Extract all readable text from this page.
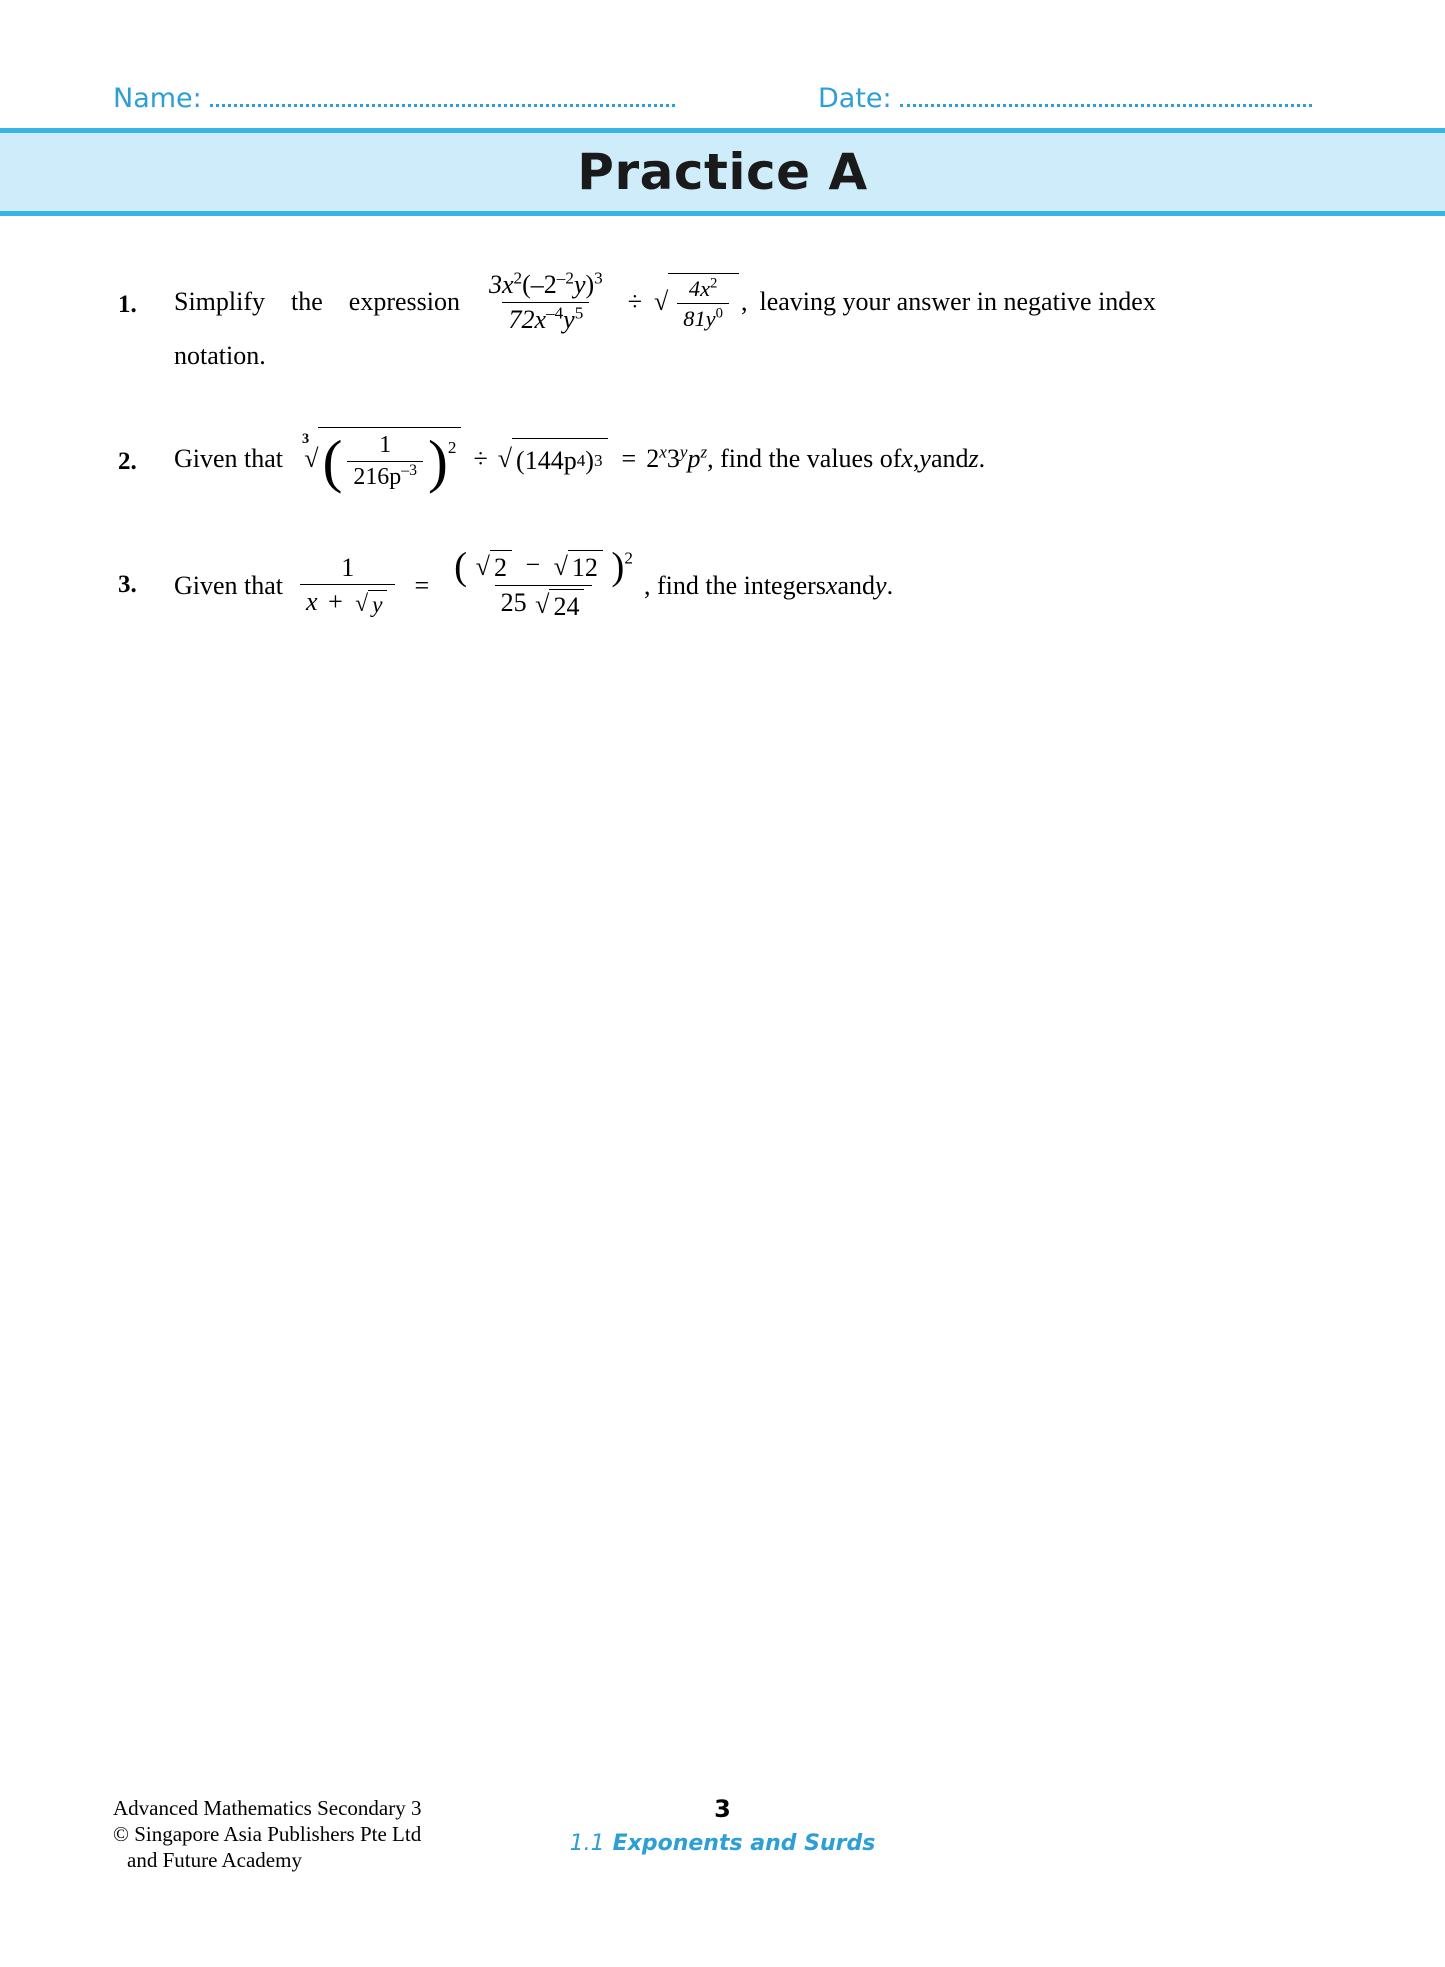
Name:	Date:
Practice A
1.	Simplify the expression $\frac{3x^2(-2^{-2}y)^3}{72x^{-4}y^5}$ ÷ √ $\frac{4x^2}{81y^0}$ , leaving your answer in negative index
notation.
2.	Given that
3
√ ( $\frac{1}{216p^{-3}}$ ) 2 ÷ √ (144p 4 ) $3 = 2^x3^yp^z$ , find the values of x , y and z .
3.	Given that $\frac{1}{x + √ y}$ = ( √ 2 − √ 12 )$^2$
25 √ 24
, find the integers x and y .
Advanced Mathematics Secondary 3
© Singapore Asia Publishers Pte Ltd
and Future Academy
3
1.1 Exponents and Surds
